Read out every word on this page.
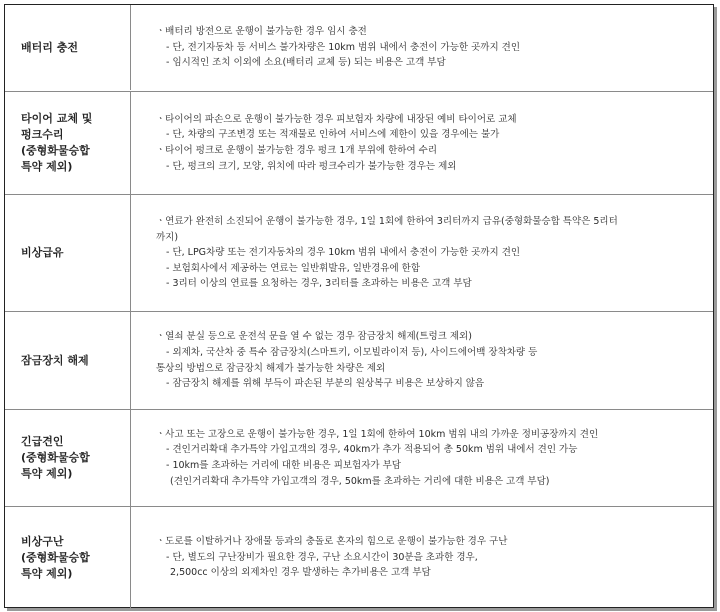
배터리 충전
ㆍ배터리 방전으로 운행이 불가능한 경우 임시 충전
- 단, 전기자동차 등 서비스 불가차량은 10km 범위 내에서 충전이 가능한 곳까지 견인
- 임시적인 조치 이외에 소요(배터리 교체 등) 되는 비용은 고객 부담
타이어 교체 및
펑크수리
(중형화물승합
특약 제외)
ㆍ타이어의 파손으로 운행이 불가능한 경우 피보험자 차량에 내장된 예비 타이어로 교체
- 단, 차량의 구조변경 또는 적재물로 인하여 서비스에 제한이 있을 경우에는 불가
ㆍ타이어 펑크로 운행이 불가능한 경우 펑크 1개 부위에 한하여 수리
- 단, 펑크의 크기, 모양, 위치에 따라 펑크수리가 불가능한 경우는 제외
비상급유
ㆍ연료가 완전히 소진되어 운행이 불가능한 경우, 1일 1회에 한하여 3리터까지 급유(중형화물승합 특약은 5리터
까지)
- 단, LPG차량 또는 전기자동차의 경우 10km 범위 내에서 충전이 가능한 곳까지 견인
- 보험회사에서 제공하는 연료는 일반휘발유, 일반경유에 한함
- 3리터 이상의 연료를 요청하는 경우, 3리터를 초과하는 비용은 고객 부담
잠금장치 해제
ㆍ열쇠 분실 등으로 운전석 문을 열 수 없는 경우 잠금장치 해제(트렁크 제외)
- 외제차, 국산차 중 특수 잠금장치(스마트키, 이모빌라이저 등), 사이드에어백 장착차량 등
통상의 방법으로 잠금장치 해제가 불가능한 차량은 제외
- 잠금장치 해제를 위해 부득이 파손된 부분의 원상복구 비용은 보상하지 않음
긴급견인
(중형화물승합
특약 제외)
ㆍ사고 또는 고장으로 운행이 불가능한 경우, 1일 1회에 한하여 10km 범위 내의 가까운 정비공장까지 견인
- 견인거리확대 추가특약 가입고객의 경우, 40km가 추가 적용되어 총 50km 범위 내에서 견인 가능
- 10km를 초과하는 거리에 대한 비용은 피보험자가 부담
(견인거리확대 추가특약 가입고객의 경우, 50km를 초과하는 거리에 대한 비용은 고객 부담)
비상구난
(중형화물승합
특약 제외)
ㆍ도로를 이탈하거나 장애물 등과의 충돌로 혼자의 힘으로 운행이 불가능한 경우 구난
- 단, 별도의 구난장비가 필요한 경우, 구난 소요시간이 30분을 초과한 경우,
2,500cc 이상의 외제차인 경우 발생하는 추가비용은 고객 부담
